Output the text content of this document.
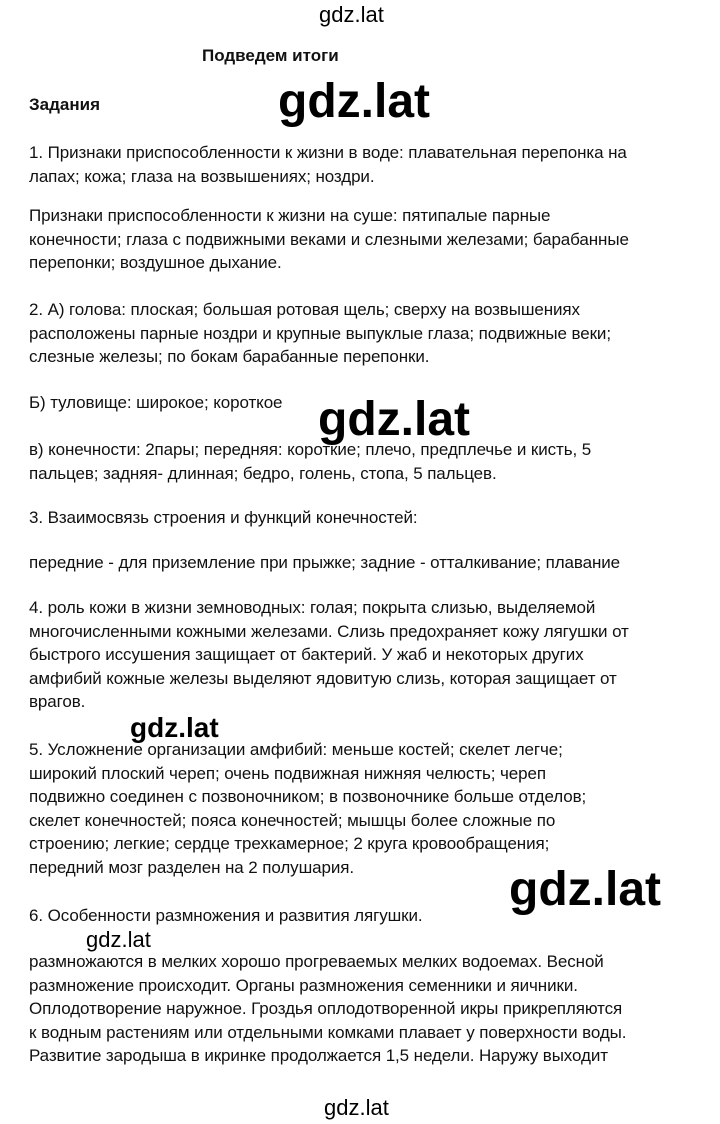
gdz.lat
gdz.lat
gdz.lat
gdz.lat
gdz.lat
gdz.lat
gdz.lat
Подведем итоги
Задания
1. Признаки приспособленности к жизни в воде: плавательная перепонка на
лапах; кожа; глаза на возвышениях; ноздри.
Признаки приспособленности к жизни на суше: пятипалые парные
конечности; глаза с подвижными веками и слезными железами; барабанные
перепонки; воздушное дыхание.
2. А) голова: плоская; большая ротовая щель; сверху на возвышениях
расположены парные ноздри и крупные выпуклые глаза; подвижные веки;
слезные железы; по бокам барабанные перепонки.
Б) туловище: широкое; короткое
в) конечности: 2пары; передняя: короткие; плечо, предплечье и кисть, 5
пальцев; задняя- длинная; бедро, голень, стопа, 5 пальцев.
3. Взаимосвязь строения и функций конечностей:
передние - для приземление при прыжке; задние - отталкивание; плавание
4. роль кожи в жизни земноводных: голая; покрыта слизью, выделяемой
многочисленными кожными железами. Слизь предохраняет кожу лягушки от
быстрого иссушения защищает от бактерий. У жаб и некоторых других
амфибий кожные железы выделяют ядовитую слизь, которая защищает от
врагов.
5. Усложнение организации амфибий: меньше костей; скелет легче;
широкий плоский череп; очень подвижная нижняя челюсть; череп
подвижно соединен с позвоночником; в позвоночнике больше отделов;
скелет конечностей; пояса конечностей; мышцы более сложные по
строению; легкие; сердце трехкамерное; 2 круга кровообращения;
передний мозг разделен на 2 полушария.
6. Особенности размножения и развития лягушки.
размножаются в мелких хорошо прогреваемых мелких водоемах. Весной
размножение происходит. Органы размножения семенники и яичники.
Оплодотворение наружное. Гроздья оплодотворенной икры прикрепляются
к водным растениям или отдельными комками плавает у поверхности воды.
Развитие зародыша в икринке продолжается 1,5 недели. Наружу выходит
